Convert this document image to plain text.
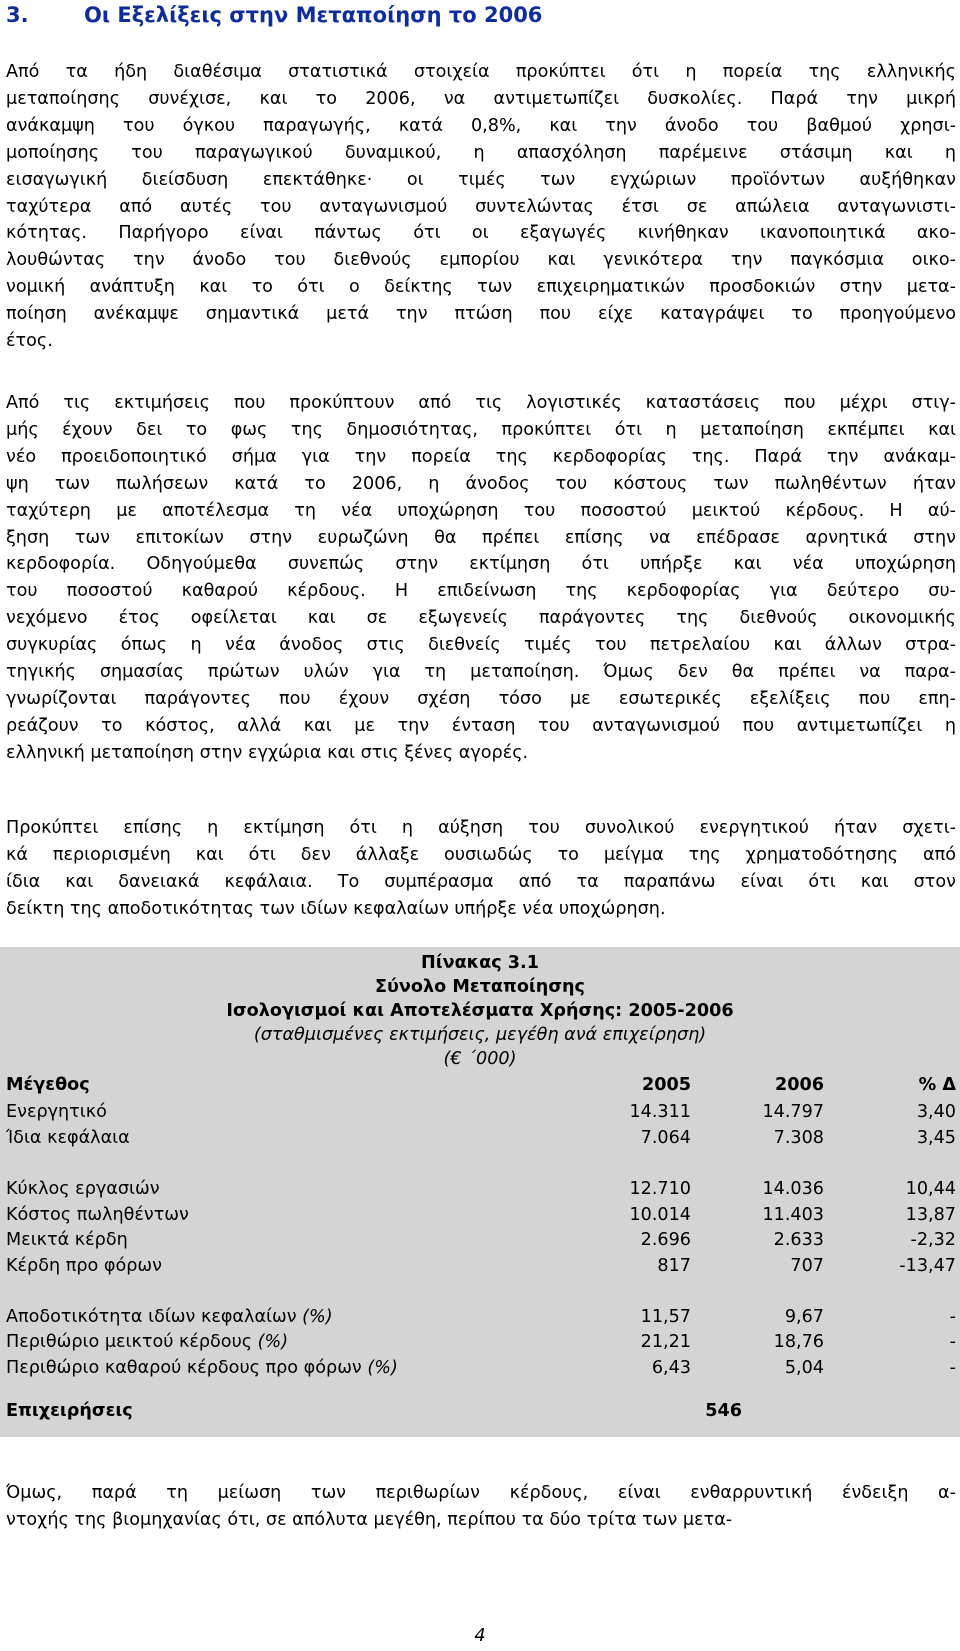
3.	Οι Εξελίξεις στην Μεταποίηση το 2006
Από τα ήδη διαθέσιμα στατιστικά στοιχεία προκύπτει ότι η πορεία της ελληνικής
μεταποίησης συνέχισε, και το 2006, να αντιμετωπίζει δυσκολίες. Παρά την μικρή
ανάκαμψη του όγκου παραγωγής, κατά 0,8%, και την άνοδο του βαθμού χρησι-
μοποίησης του παραγωγικού δυναμικού, η απασχόληση παρέμεινε στάσιμη και η
εισαγωγική διείσδυση επεκτάθηκε· οι τιμές των εγχώριων προϊόντων αυξήθηκαν
ταχύτερα από αυτές του ανταγωνισμού συντελώντας έτσι σε απώλεια ανταγωνιστι-
κότητας. Παρήγορο είναι πάντως ότι οι εξαγωγές κινήθηκαν ικανοποιητικά ακο-
λουθώντας την άνοδο του διεθνούς εμπορίου και γενικότερα την παγκόσμια οικο-
νομική ανάπτυξη και το ότι ο δείκτης των επιχειρηματικών προσδοκιών στην μετα-
ποίηση ανέκαμψε σημαντικά μετά την πτώση που είχε καταγράψει το προηγούμενο
έτος.
Από τις εκτιμήσεις που προκύπτουν από τις λογιστικές καταστάσεις που μέχρι στιγ-
μής έχουν δει το φως της δημοσιότητας, προκύπτει ότι η μεταποίηση εκπέμπει και
νέο προειδοποιητικό σήμα για την πορεία της κερδοφορίας της. Παρά την ανάκαμ-
ψη των πωλήσεων κατά το 2006, η άνοδος του κόστους των πωληθέντων ήταν
ταχύτερη με αποτέλεσμα τη νέα υποχώρηση του ποσοστού μεικτού κέρδους. Η αύ-
ξηση των επιτοκίων στην ευρωζώνη θα πρέπει επίσης να επέδρασε αρνητικά στην
κερδοφορία. Οδηγούμεθα συνεπώς στην εκτίμηση ότι υπήρξε και νέα υποχώρηση
του ποσοστού καθαρού κέρδους. Η επιδείνωση της κερδοφορίας για δεύτερο συ-
νεχόμενο έτος οφείλεται και σε εξωγενείς παράγοντες της διεθνούς οικονομικής
συγκυρίας όπως η νέα άνοδος στις διεθνείς τιμές του πετρελαίου και άλλων στρα-
τηγικής σημασίας πρώτων υλών για τη μεταποίηση. Όμως δεν θα πρέπει να παρα-
γνωρίζονται παράγοντες που έχουν σχέση τόσο με εσωτερικές εξελίξεις που επη-
ρεάζουν το κόστος, αλλά και με την ένταση του ανταγωνισμού που αντιμετωπίζει η
ελληνική μεταποίηση στην εγχώρια και στις ξένες αγορές.
Προκύπτει επίσης η εκτίμηση ότι η αύξηση του συνολικού ενεργητικού ήταν σχετι-
κά περιορισμένη και ότι δεν άλλαξε ουσιωδώς το μείγμα της χρηματοδότησης από
ίδια και δανειακά κεφάλαια. Το συμπέρασμα από τα παραπάνω είναι ότι και στον
δείκτη της αποδοτικότητας των ιδίων κεφαλαίων υπήρξε νέα υποχώρηση.
Πίνακας 3.1
Σύνολο Μεταποίησης
Ισολογισμοί και Αποτελέσματα Χρήσης: 2005-2006
(σταθμισμένες εκτιμήσεις, μεγέθη ανά επιχείρηση)
(€ ΄000)
Μέγεθος	2005	2006	% Δ
Ενεργητικό	14.311	14.797	3,40
Ίδια κεφάλαια	7.064	7.308	3,45
Κύκλος εργασιών	12.710	14.036	10,44
Κόστος πωληθέντων	10.014	11.403	13,87
Μεικτά κέρδη	2.696	2.633	-2,32
Κέρδη προ φόρων	817	707	-13,47
Αποδοτικότητα ιδίων κεφαλαίων (%)	11,57	9,67	-
Περιθώριο μεικτού κέρδους (%)	21,21	18,76	-
Περιθώριο καθαρού κέρδους προ φόρων (%)	6,43	5,04	-
Επιχειρήσεις	546
Όμως, παρά τη μείωση των περιθωρίων κέρδους, είναι ενθαρρυντική ένδειξη α-
ντοχής της βιομηχανίας ότι, σε απόλυτα μεγέθη, περίπου τα δύο τρίτα των μετα-
4
